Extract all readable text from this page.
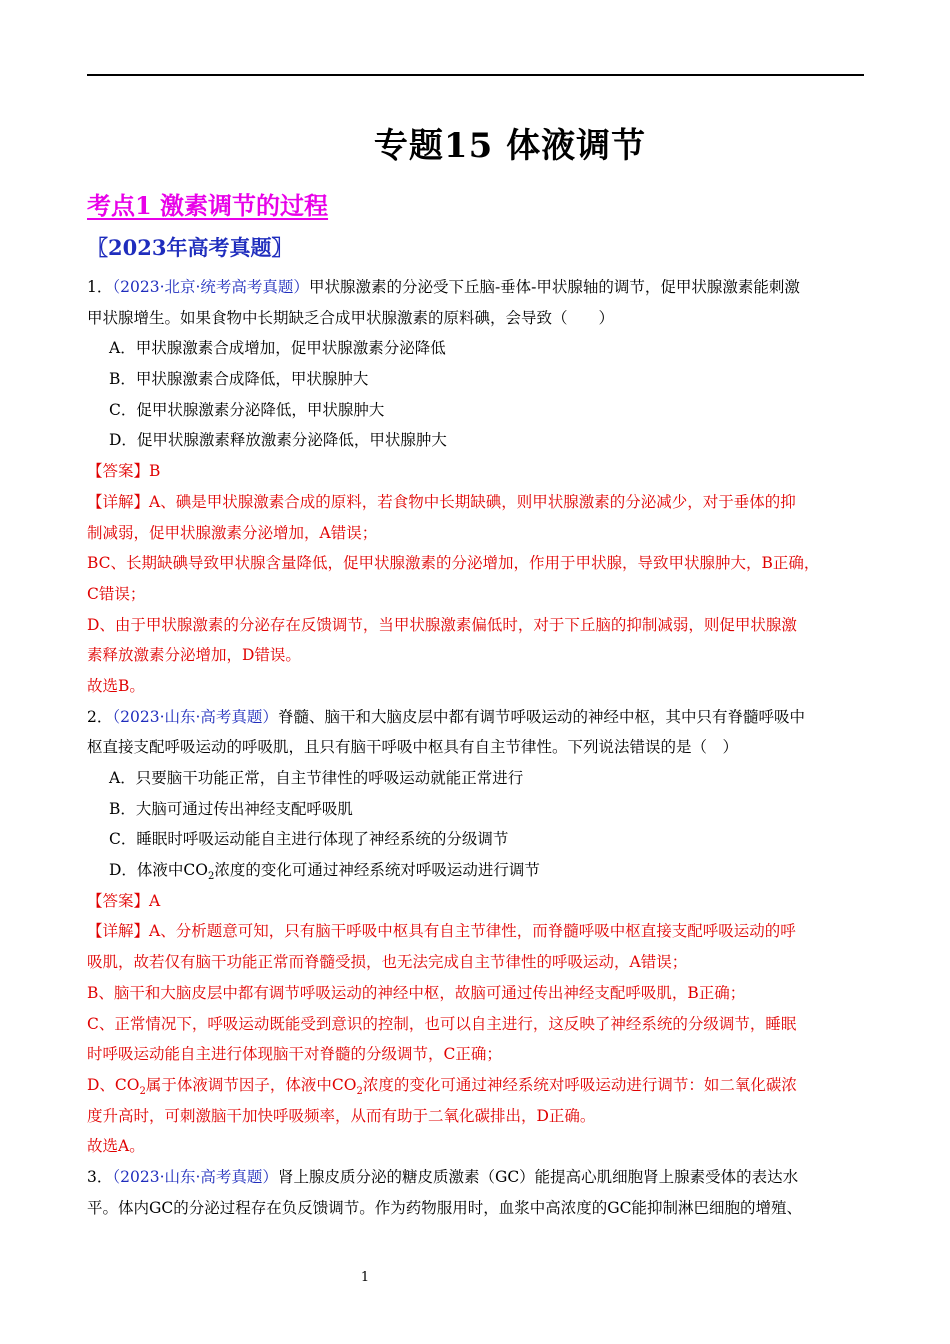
专题15 体液调节
考点1 激素调节的过程
〖2023年高考真题〗
1．（2023·北京·统考高考真题）甲状腺激素的分泌受下丘脑-垂体-甲状腺轴的调节，促甲状腺激素能刺激
甲状腺增生。如果食物中长期缺乏合成甲状腺激素的原料碘，会导致（　　）
A．甲状腺激素合成增加，促甲状腺激素分泌降低
B．甲状腺激素合成降低，甲状腺肿大
C．促甲状腺激素分泌降低，甲状腺肿大
D．促甲状腺激素释放激素分泌降低，甲状腺肿大
【答案】B
【详解】A、碘是甲状腺激素合成的原料，若食物中长期缺碘，则甲状腺激素的分泌减少，对于垂体的抑
制减弱，促甲状腺激素分泌增加，A错误；
BC、长期缺碘导致甲状腺含量降低，促甲状腺激素的分泌增加，作用于甲状腺，导致甲状腺肿大，B正确，
C错误；
D、由于甲状腺激素的分泌存在反馈调节，当甲状腺激素偏低时，对于下丘脑的抑制减弱，则促甲状腺激
素释放激素分泌增加，D错误。
故选B。
2．（2023·山东·高考真题）脊髓、脑干和大脑皮层中都有调节呼吸运动的神经中枢，其中只有脊髓呼吸中
枢直接支配呼吸运动的呼吸肌，且只有脑干呼吸中枢具有自主节律性。下列说法错误的是（　）
A．只要脑干功能正常，自主节律性的呼吸运动就能正常进行
B．大脑可通过传出神经支配呼吸肌
C．睡眠时呼吸运动能自主进行体现了神经系统的分级调节
D．体液中$CO_2$浓度的变化可通过神经系统对呼吸运动进行调节
【答案】A
【详解】A、分析题意可知，只有脑干呼吸中枢具有自主节律性，而脊髓呼吸中枢直接支配呼吸运动的呼
吸肌，故若仅有脑干功能正常而脊髓受损，也无法完成自主节律性的呼吸运动，A错误；
B、脑干和大脑皮层中都有调节呼吸运动的神经中枢，故脑可通过传出神经支配呼吸肌，B正确；
C、正常情况下，呼吸运动既能受到意识的控制，也可以自主进行，这反映了神经系统的分级调节，睡眠
时呼吸运动能自主进行体现脑干对脊髓的分级调节，C正确；
D、$CO_2$属于体液调节因子，体液中$CO_2$浓度的变化可通过神经系统对呼吸运动进行调节：如二氧化碳浓
度升高时，可刺激脑干加快呼吸频率，从而有助于二氧化碳排出，D正确。
故选A。
3．（2023·山东·高考真题）肾上腺皮质分泌的糖皮质激素（GC）能提高心肌细胞肾上腺素受体的表达水
平。体内GC的分泌过程存在负反馈调节。作为药物服用时，血浆中高浓度的GC能抑制淋巴细胞的增殖、
1
